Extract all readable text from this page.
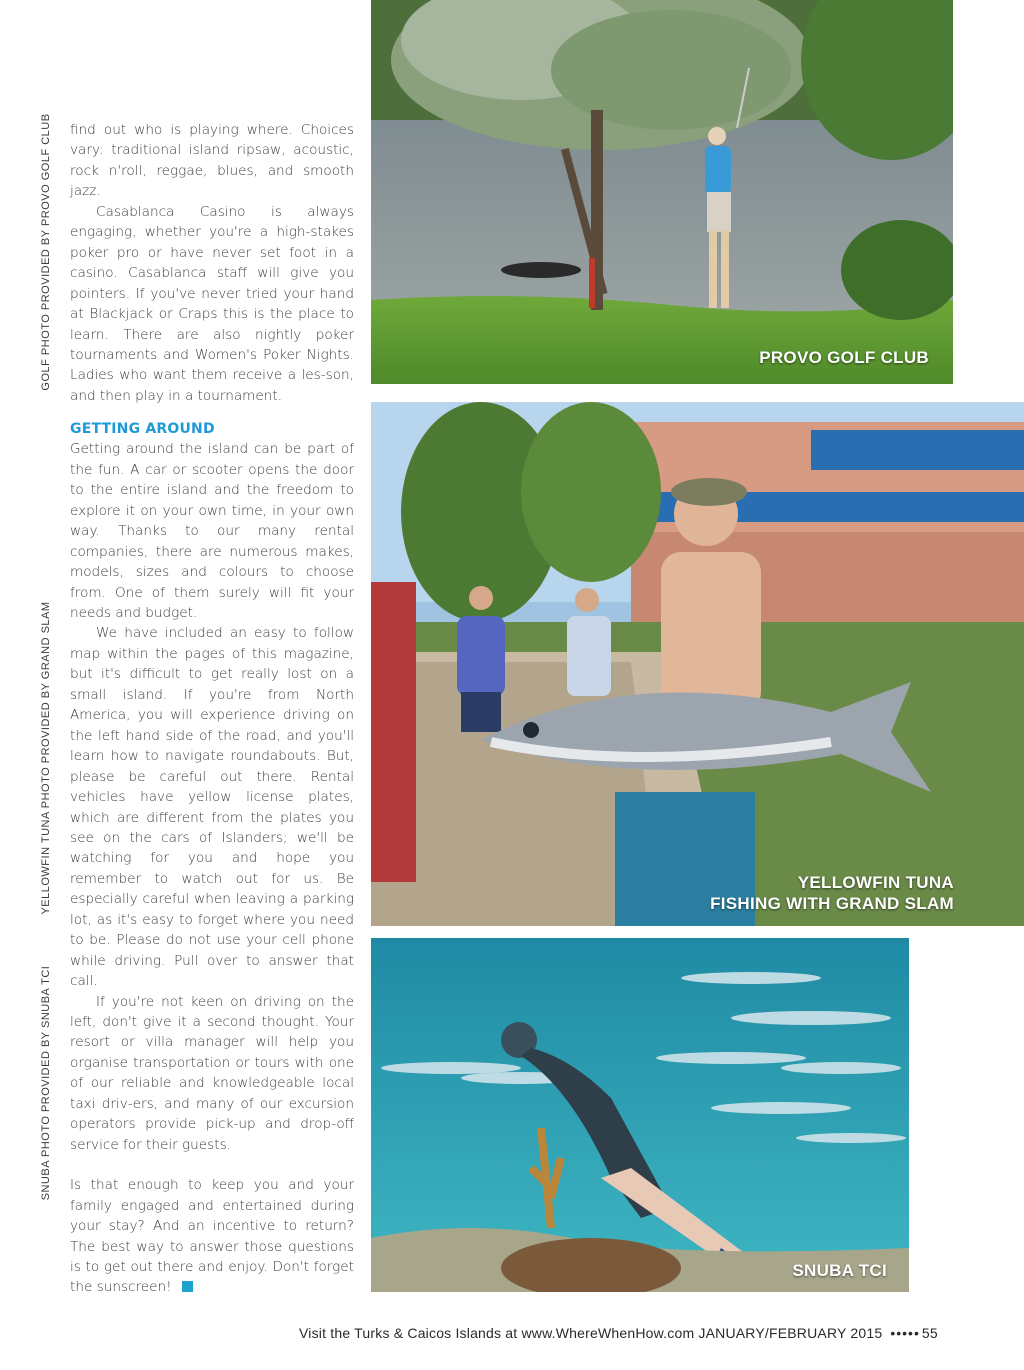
GOLF PHOTO PROVIDED BY PROVO GOLF CLUB
YELLOWFIN TUNA PHOTO PROVIDED BY GRAND SLAM
SNUBA PHOTO PROVIDED BY SNUBA TCI

find out who is playing where. Choices vary: traditional island ripsaw, acoustic, rock n'roll, reggae, blues, and smooth jazz.

Casablanca Casino is always engaging, whether you're a high-stakes poker pro or have never set foot in a casino. Casablanca staff will give you pointers. If you've never tried your hand at Blackjack or Craps this is the place to learn. There are also nightly poker tournaments and Women's Poker Nights. Ladies who want them receive a les-son, and then play in a tournament.

GETTING AROUND

Getting around the island can be part of the fun. A car or scooter opens the door to the entire island and the freedom to explore it on your own time, in your own way. Thanks to our many rental companies, there are numerous makes, models, sizes and colours to choose from. One of them surely will fit your needs and budget.

We have included an easy to follow map within the pages of this magazine, but it's difficult to get really lost on a small island. If you're from North America, you will experience driving on the left hand side of the road, and you'll learn how to navigate roundabouts. But, please be careful out there. Rental vehicles have yellow license plates, which are different from the plates you see on the cars of Islanders; we'll be watching for you and hope you remember to watch out for us. Be especially careful when leaving a parking lot, as it's easy to forget where you need to be. Please do not use your cell phone while driving. Pull over to answer that call.

If you're not keen on driving on the left, don't give it a second thought. Your resort or villa manager will help you organise transportation or tours with one of our reliable and knowledgeable local taxi driv-ers, and many of our excursion operators provide pick-up and drop-off service for their guests.

Is that enough to keep you and your family engaged and entertained during your stay? And an incentive to return? The best way to answer those questions is to get out there and enjoy. Don't forget the sunscreen!

PROVO GOLF CLUB
YELLOWFIN TUNA
FISHING WITH GRAND SLAM
SNUBA TCI
Visit the Turks & Caicos Islands at www.WhereWhenHow.com JANUARY/FEBRUARY 2015 ••••• 55
